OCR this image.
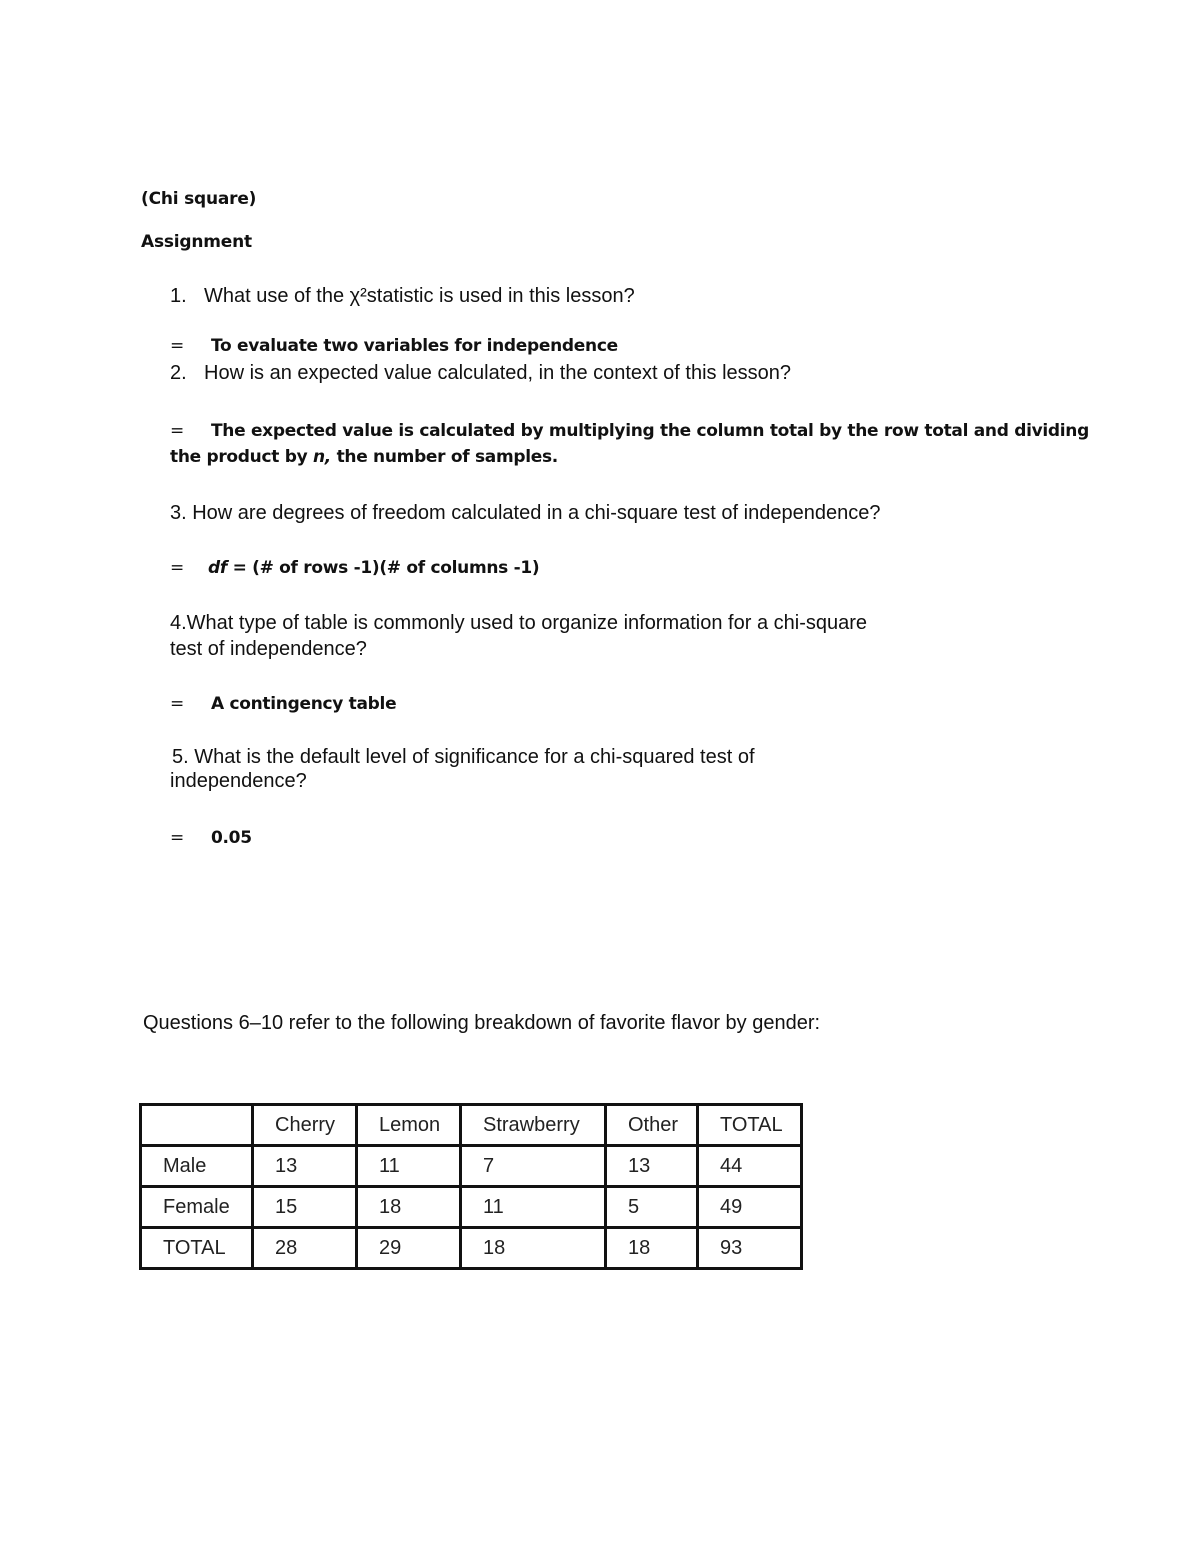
(Chi square)
Assignment
1. What use of the χ²statistic is used in this lesson?
= To evaluate two variables for independence
2. How is an expected value calculated, in the context of this lesson?
= The expected value is calculated by multiplying the column total by the row total and dividing
the product by n, the number of samples.
3. How are degrees of freedom calculated in a chi-square test of independence?
= df = (# of rows -1)(# of columns -1)
4.What type of table is commonly used to organize information for a chi-square
test of independence?
= A contingency table
5. What is the default level of significance for a chi-squared test of
independence?
= 0.05
Questions 6–10 refer to the following breakdown of favorite flavor by gender:
	Cherry	Lemon	Strawberry	Other	TOTAL
Male	13	11	7	13	44
Female	15	18	11	5	49
TOTAL	28	29	18	18	93
